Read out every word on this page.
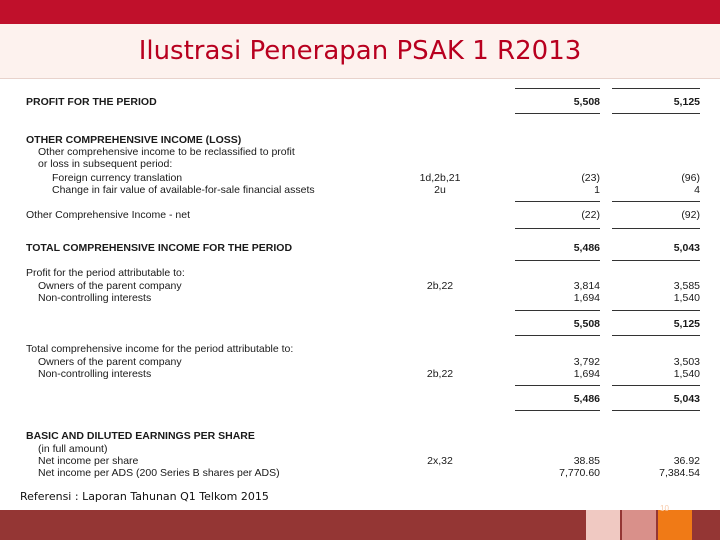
Ilustrasi Penerapan PSAK 1 R2013
PROFIT FOR THE PERIOD	5,508	5,125
OTHER COMPREHENSIVE INCOME (LOSS)
Other comprehensive income to be reclassified to profit
or loss in subsequent period:
Foreign currency translation	1d,2b,21	(23)	(96)
Change in fair value of available-for-sale financial assets	2u	1	4
Other Comprehensive Income - net	(22)	(92)
TOTAL COMPREHENSIVE INCOME FOR THE PERIOD	5,486	5,043
Profit for the period attributable to:
Owners of the parent company	2b,22	3,814	3,585
Non-controlling interests	1,694	1,540
5,508	5,125
Total comprehensive income for the period attributable to:
Owners of the parent company	3,792	3,503
Non-controlling interests	2b,22	1,694	1,540
5,486	5,043
BASIC AND DILUTED EARNINGS PER SHARE
(in full amount)
Net income per share	2x,32	38.85	36.92
Net income per ADS (200 Series B shares per ADS)	7,770.60	7,384.54
Referensi : Laporan Tahunan Q1 Telkom 2015
10
